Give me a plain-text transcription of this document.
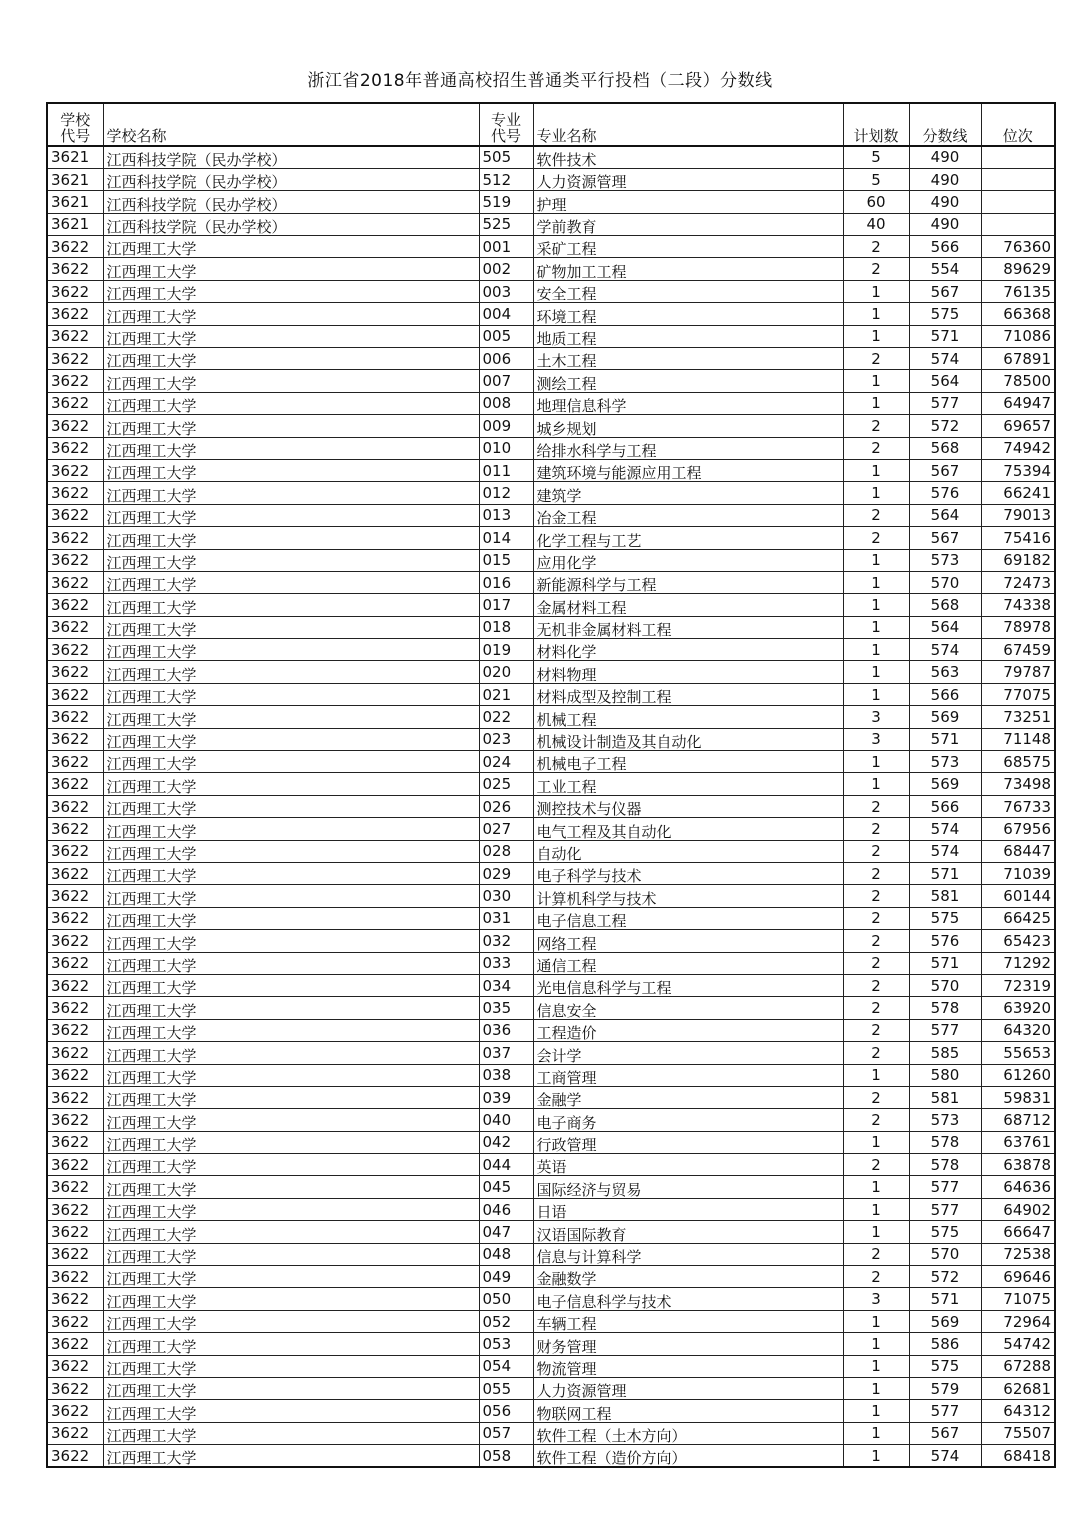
浙江省2018年普通高校招生普通类平行投档（二段）分数线
学校
代号	学校名称	专业
代号	专业名称	计划数	分数线	位次
3621	江西科技学院（民办学校）	505	软件技术	5	490	
3621	江西科技学院（民办学校）	512	人力资源管理	5	490	
3621	江西科技学院（民办学校）	519	护理	60	490	
3621	江西科技学院（民办学校）	525	学前教育	40	490	
3622	江西理工大学	001	采矿工程	2	566	76360
3622	江西理工大学	002	矿物加工工程	2	554	89629
3622	江西理工大学	003	安全工程	1	567	76135
3622	江西理工大学	004	环境工程	1	575	66368
3622	江西理工大学	005	地质工程	1	571	71086
3622	江西理工大学	006	土木工程	2	574	67891
3622	江西理工大学	007	测绘工程	1	564	78500
3622	江西理工大学	008	地理信息科学	1	577	64947
3622	江西理工大学	009	城乡规划	2	572	69657
3622	江西理工大学	010	给排水科学与工程	2	568	74942
3622	江西理工大学	011	建筑环境与能源应用工程	1	567	75394
3622	江西理工大学	012	建筑学	1	576	66241
3622	江西理工大学	013	冶金工程	2	564	79013
3622	江西理工大学	014	化学工程与工艺	2	567	75416
3622	江西理工大学	015	应用化学	1	573	69182
3622	江西理工大学	016	新能源科学与工程	1	570	72473
3622	江西理工大学	017	金属材料工程	1	568	74338
3622	江西理工大学	018	无机非金属材料工程	1	564	78978
3622	江西理工大学	019	材料化学	1	574	67459
3622	江西理工大学	020	材料物理	1	563	79787
3622	江西理工大学	021	材料成型及控制工程	1	566	77075
3622	江西理工大学	022	机械工程	3	569	73251
3622	江西理工大学	023	机械设计制造及其自动化	3	571	71148
3622	江西理工大学	024	机械电子工程	1	573	68575
3622	江西理工大学	025	工业工程	1	569	73498
3622	江西理工大学	026	测控技术与仪器	2	566	76733
3622	江西理工大学	027	电气工程及其自动化	2	574	67956
3622	江西理工大学	028	自动化	2	574	68447
3622	江西理工大学	029	电子科学与技术	2	571	71039
3622	江西理工大学	030	计算机科学与技术	2	581	60144
3622	江西理工大学	031	电子信息工程	2	575	66425
3622	江西理工大学	032	网络工程	2	576	65423
3622	江西理工大学	033	通信工程	2	571	71292
3622	江西理工大学	034	光电信息科学与工程	2	570	72319
3622	江西理工大学	035	信息安全	2	578	63920
3622	江西理工大学	036	工程造价	2	577	64320
3622	江西理工大学	037	会计学	2	585	55653
3622	江西理工大学	038	工商管理	1	580	61260
3622	江西理工大学	039	金融学	2	581	59831
3622	江西理工大学	040	电子商务	2	573	68712
3622	江西理工大学	042	行政管理	1	578	63761
3622	江西理工大学	044	英语	2	578	63878
3622	江西理工大学	045	国际经济与贸易	1	577	64636
3622	江西理工大学	046	日语	1	577	64902
3622	江西理工大学	047	汉语国际教育	1	575	66647
3622	江西理工大学	048	信息与计算科学	2	570	72538
3622	江西理工大学	049	金融数学	2	572	69646
3622	江西理工大学	050	电子信息科学与技术	3	571	71075
3622	江西理工大学	052	车辆工程	1	569	72964
3622	江西理工大学	053	财务管理	1	586	54742
3622	江西理工大学	054	物流管理	1	575	67288
3622	江西理工大学	055	人力资源管理	1	579	62681
3622	江西理工大学	056	物联网工程	1	577	64312
3622	江西理工大学	057	软件工程（土木方向）	1	567	75507
3622	江西理工大学	058	软件工程（造价方向）	1	574	68418
